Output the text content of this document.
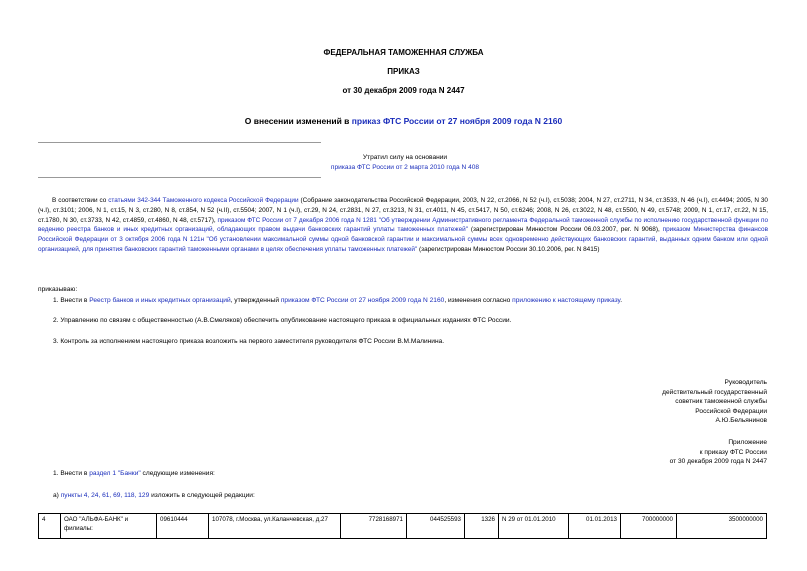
ФЕДЕРАЛЬНАЯ ТАМОЖЕННАЯ СЛУЖБА
ПРИКАЗ
от 30 декабря 2009 года N 2447
О внесении изменений в приказ ФТС России от 27 ноября 2009 года N 2160
Утратил силу на основании
приказа ФТС России от 2 марта 2010 года N 408
В соответствии со статьями 342-344 Таможенного кодекса Российской Федерации (Собрание законодательства Российской Федерации, 2003, N 22, ст.2066, N 52 (ч.I), ст.5038; 2004, N 27, ст.2711, N 34, ст.3533, N 46 (ч.I), ст.4494; 2005, N 30 (ч.I), ст.3101; 2006, N 1, ст.15, N 3, ст.280, N 8, ст.854, N 52 (ч.II), ст.5504; 2007, N 1 (ч.I), ст.29, N 24, ст.2831, N 27, ст.3213, N 31, ст.4011, N 45, ст.5417, N 50, ст.6246; 2008, N 26, ст.3022, N 48, ст.5500, N 49, ст.5748; 2009, N 1, ст.17, ст.22, N 15, ст.1780, N 30, ст.3733, N 42, ст.4859, ст.4860, N 48, ст.5717), приказом ФТС России от 7 декабря 2006 года N 1281 "Об утверждении Административного регламента Федеральной таможенной службы по исполнению государственной функции по ведению реестра банков и иных кредитных организаций, обладающих правом выдачи банковских гарантий уплаты таможенных платежей" (зарегистрирован Минюстом России 06.03.2007, рег. N 9068), приказом Министерства финансов Российской Федерации от 3 октября 2006 года N 121н "Об установлении максимальной суммы одной банковской гарантии и максимальной суммы всех одновременно действующих банковских гарантий, выданных одним банком или одной организацией, для принятия банковских гарантий таможенными органами в целях обеспечения уплаты таможенных платежей" (зарегистрирован Минюстом России 30.10.2006, рег. N 8415)
приказываю:
1. Внести в Реестр банков и иных кредитных организаций, утвержденный приказом ФТС России от 27 ноября 2009 года N 2160, изменения согласно приложению к настоящему приказу.
2. Управлению по связям с общественностью (А.В.Смеляков) обеспечить опубликование настоящего приказа в официальных изданиях ФТС России.
3. Контроль за исполнением настоящего приказа возложить на первого заместителя руководителя ФТС России В.М.Малинина.
Руководитель
действительный государственный
советник таможенной службы
Российской Федерации
А.Ю.Бельянинов
Приложение
к приказу ФТС России
от 30 декабря 2009 года N 2447
1. Внести в раздел 1 "Банки" следующие изменения:
а) пункты 4, 24, 61, 69, 118, 129 изложить в следующей редакции:
4	ОАО "АЛЬФА-БАНК" и филиалы:	09610444	107078, г.Москва, ул.Каланчевская, д.27	7728168971	044525593	1326	N 29 от 01.01.2010	01.01.2013	700000000	3500000000
